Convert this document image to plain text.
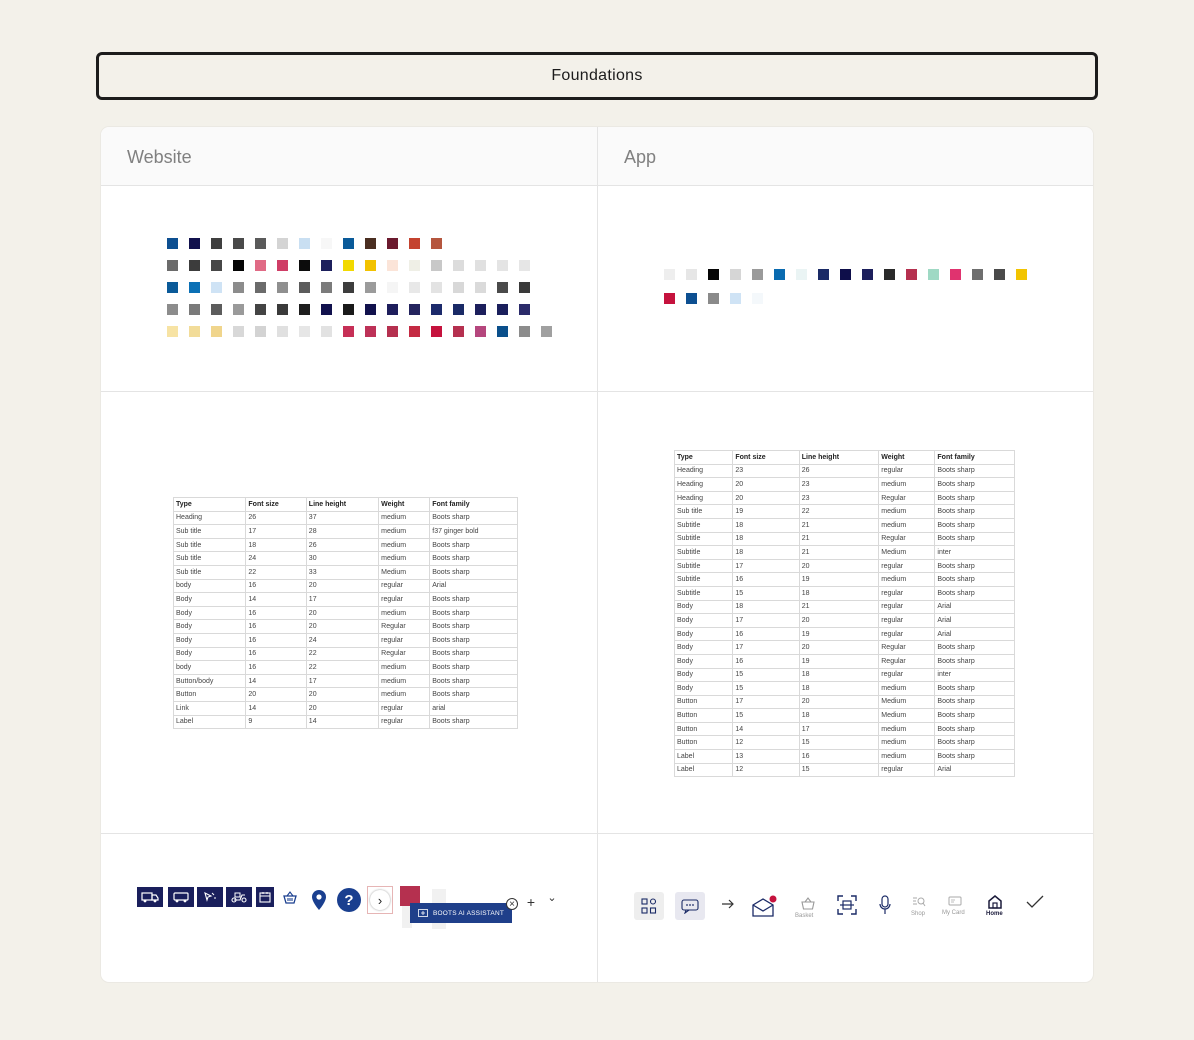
Foundations
Website	App
Type	Font size	Line height	Weight	Font family
Heading	26	37	medium	Boots sharp
Sub title	17	28	medium	f37 ginger bold
Sub title	18	26	medium	Boots sharp
Sub title	24	30	medium	Boots sharp
Sub title	22	33	Medium	Boots sharp
body	16	20	regular	Arial
Body	14	17	regular	Boots sharp
Body	16	20	medium	Boots sharp
Body	16	20	Regular	Boots sharp
Body	16	24	regular	Boots sharp
Body	16	22	Regular	Boots sharp
body	16	22	medium	Boots sharp
Button/body	14	17	medium	Boots sharp
Button	20	20	medium	Boots sharp
Link	14	20	regular	arial
Label	9	14	regular	Boots sharp
Type	Font size	Line height	Weight	Font family
Heading	23	26	regular	Boots sharp
Heading	20	23	medium	Boots sharp
Heading	20	23	Regular	Boots sharp
Sub title	19	22	medium	Boots sharp
Subtitle	18	21	medium	Boots sharp
Subtitle	18	21	Regular	Boots sharp
Subtitle	18	21	Medium	inter
Subtitle	17	20	regular	Boots sharp
Subtitle	16	19	medium	Boots sharp
Subtitle	15	18	regular	Boots sharp
Body	18	21	regular	Arial
Body	17	20	regular	Arial
Body	16	19	regular	Arial
Body	17	20	Regular	Boots sharp
Body	16	19	Regular	Boots sharp
Body	15	18	regular	inter
Body	15	18	medium	Boots sharp
Button	17	20	Medium	Boots sharp
Button	15	18	Medium	Boots sharp
Button	14	17	medium	Boots sharp
Button	12	15	medium	Boots sharp
Label	13	16	medium	Boots sharp
Label	12	15	regular	Arial
?	›
BOOTS AI ASSISTANT
× + ⌄
Basket	Shop	My Card	Home
